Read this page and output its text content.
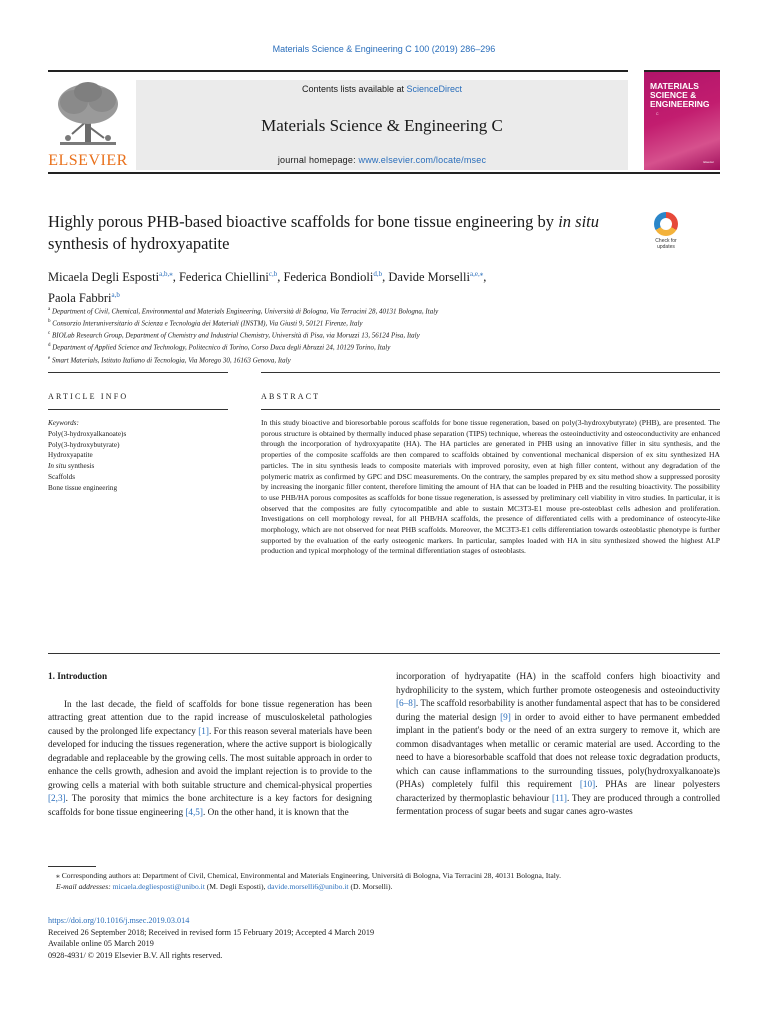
Materials Science & Engineering C 100 (2019) 286–296
ELSEVIER
Contents lists available at ScienceDirect
Materials Science & Engineering C
journal homepage: www.elsevier.com/locate/msec
MATERIALS SCIENCE & ENGINEERING
C
Elsevier
Highly porous PHB-based bioactive scaffolds for bone tissue engineering by in situ synthesis of hydroxyapatite	Check for updates
Micaela Degli Esposti$^{a,b,⁎}$, Federica Chiellini$^{c,b}$, Federica Bondioli$^{d,b}$, Davide Morselli$^{a,e,⁎}$,
Paola Fabbri$^{a,b}$
$^a$ Department of Civil, Chemical, Environmental and Materials Engineering, Università di Bologna, Via Terracini 28, 40131 Bologna, Italy
$^b$ Consorzio Interuniversitario di Scienza e Tecnologia dei Materiali (INSTM), Via Giusti 9, 50121 Firenze, Italy
$^c$ BIOLab Research Group, Department of Chemistry and Industrial Chemistry, Università di Pisa, via Moruzzi 13, 56124 Pisa, Italy
$^d$ Department of Applied Science and Technology, Politecnico di Torino, Corso Duca degli Abruzzi 24, 10129 Torino, Italy
$^e$ Smart Materials, Istituto Italiano di Tecnologia, Via Morego 30, 16163 Genova, Italy
ARTICLE INFO	ABSTRACT
Keywords:
Poly(3-hydroxyalkanoate)s
Poly(3-hydroxybutyrate)
Hydroxyapatite
In situ synthesis
Scaffolds
Bone tissue engineering
In this study bioactive and bioresorbable porous scaffolds for bone tissue regeneration, based on poly(3-hydroxybutyrate) (PHB), are presented. The porous structure is obtained by thermally induced phase separation (TIPS) technique, whereas the osteoinductivity and osteoconductivity are enhanced through the incorporation of hydroxyapatite (HA). The HA particles are generated in PHB using an innovative filler in situ synthesis, and the properties of the composite scaffolds are then compared to scaffolds obtained by conventional mechanical dispersion of ex situ synthesized HA particles. The in situ synthesis leads to composite materials with improved porosity, even at high filler content, without any degradation of the polymeric matrix as confirmed by GPC and DSC measurements. On the contrary, the samples prepared by ex situ method show a suppressed porosity by increasing the inorganic filler content, therefore limiting the amount of HA that can be loaded in PHB and the resulting bioactivity. The possibility to use PHB/HA porous composites as scaffolds for bone tissue regeneration, is assessed by preliminary cell viability in vitro studies. In particular, it is observed that the composites are fully cytocompatible and able to sustain MC3T3-E1 mouse pre-osteoblast cells adhesion and proliferation. Investigations on cell morphology reveal, for all PHB/HA scaffolds, the presence of differentiated cells with a predominance of osteocyte-like morphology, which are not observed for neat PHB scaffolds. Moreover, the MC3T3-E1 cells differentiation towards osteoblastic phenotype is further supported by the evaluation of the early osteogenic markers. In particular, samples loaded with HA in situ synthesized showed the highest ALP production and typical morphology of the terminal differentiation stages of osteoblasts.
1. Introduction

In the last decade, the field of scaffolds for bone tissue regeneration has been attracting great attention due to the rapid increase of musculoskeletal pathologies caused by the prolonged life expectancy [1]. For this reason several materials have been developed for inducing the tissues regeneration, where the active support is biologically degradable and replaceable by the growing cells. The most suitable approach in order to enhance the cells growth, adhesion and avoid the implant rejection is to provide to the growing cells a material with both suitable structure and chemical-physical properties [2,3]. The porosity that mimics the bone architecture is a key factors for designing scaffolds for bone tissue engineering [4,5]. On the other hand, it is known that the

incorporation of hydryapatite (HA) in the scaffold confers high bioactivity and hydrophilicity to the system, which further promote osteogenesis and osteoinductivity [6–8]. The scaffold resorbability is another fundamental aspect that has to be considered during the material design [9] in order to avoid either to have permanent embedded implant in the patient's body or the need of an extra surgery to remove it, which are common disadvantages when metallic or ceramic material are used. According to the need to have a bioresorbable scaffold that does not release toxic degradation products, which can cause inflammations to the surrounding tissues, poly(hydroxyalkanoate)s (PHAs) completely fulfil this requirement [10]. PHAs are linear polyesters characterized by thermoplastic behaviour [11]. They are produced through a controlled fermentation process of sugar beets and sugar canes agro-wastes

⁎ Corresponding authors at: Department of Civil, Chemical, Environmental and Materials Engineering, Università di Bologna, Via Terracini 28, 40131 Bologna, Italy.
E-mail addresses: micaela.degliesposti@unibo.it (M. Degli Esposti), davide.morselli6@unibo.it (D. Morselli).
https://doi.org/10.1016/j.msec.2019.03.014
Received 26 September 2018; Received in revised form 15 February 2019; Accepted 4 March 2019
Available online 05 March 2019
0928-4931/ © 2019 Elsevier B.V. All rights reserved.
